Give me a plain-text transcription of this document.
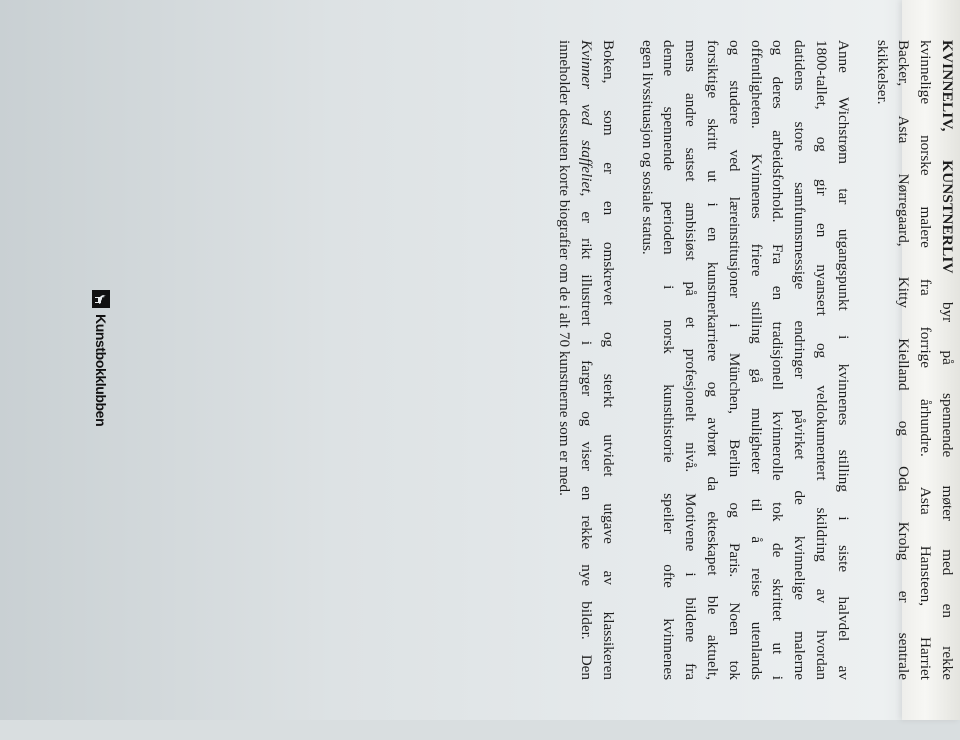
KVINNELIV, KUNSTNERLIV byr på spennende møter med en rekke
kvinnelige norske malere fra forrige århundre. Asta Hansteen, Harriet
Backer, Asta Nørregaard, Kitty Kielland og Oda Krohg er sentrale
skikkelser.

Anne Wichstrøm tar utgangspunkt i kvinnenes stilling i siste halvdel av
1800-tallet, og gir en nyansert og veldokumentert skildring av hvordan
datidens store samfunnsmessige endringer påvirket de kvinnelige malerne
og deres arbeidsforhold. Fra en tradisjonell kvinnerolle tok de skrittet ut i
offentligheten. Kvinnenes friere stilling gå muligheter til å reise utenlands
og studere ved læreinstitusjoner i München, Berlin og Paris. Noen tok
forsiktige skritt ut i en kunstnerkarriere og avbrøt da ekteskapet ble aktuelt,
mens andre satset ambisiøst på et profesjonelt nivå. Motivene i bildene fra
denne spennende perioden i norsk kunsthistorie speiler ofte kvinnenes
egen livssituasjon og sosiale status.

Boken, som er en omskrevet og sterkt utvidet utgave av klassikeren
Kvinner ved staffeliet, er rikt illustrert i farger og viser en rekke nye bilder. Den
inneholder dessuten korte biografier om de i alt 70 kunstnerne som er med.

Kunstbokklubben
